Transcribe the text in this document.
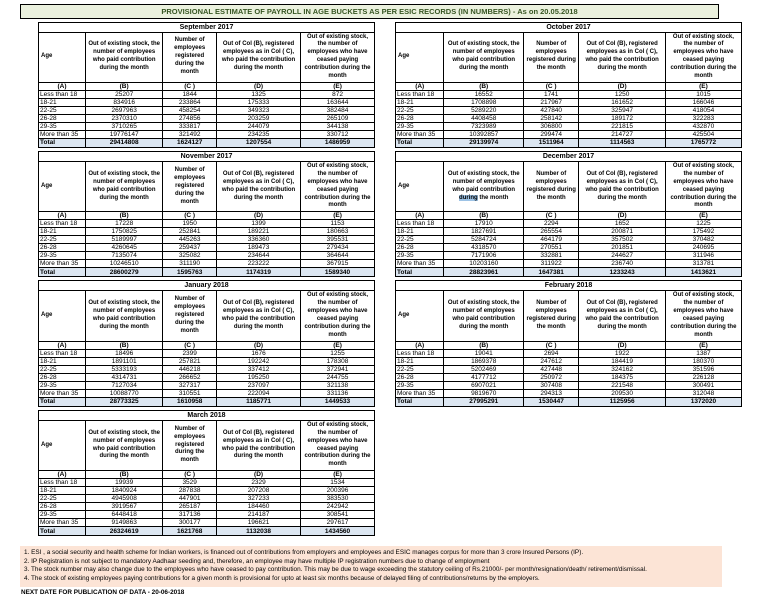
PROVISIONAL ESTIMATE OF PAYROLL IN AGE BUCKETS AS PER ESIC RECORDS (IN NUMBERS) - As on 20.05.2018
September 2017				
Age	Out of existing stock, the number of employees who paid contribution during the month	Number of employees registered during the month	Out of Col (B), registered employees as in Col ( C), who paid the contribution during the month	Out of existing stock, the number of employees who have ceased paying contribution during the month
(A)	(B)	(C )	(D)	(E)
Less than 18	25207	1844	1325	872
18-21	834916	233864	175333	163644
22-25	2697963	458254	349323	382484
26-28	2370310	274856	203259	265109
29-35	3710265	333817	244079	344138
More than 35	19776147	321492	234235	330712
Total	29414808	1624127	1207554	1486959
October 2017				
Age	Out of existing stock, the number of employees who paid contribution during the month	Number of employees registered during the month	Out of Col (B), registered employees as in Col ( C), who paid the contribution during the month	Out of existing stock, the number of employees who have ceased paying contribution during the month
(A)	(B)	(C )	(D)	(E)
Less than 18	16552	1741	1250	1015
18-21	1708898	217967	161652	166046
22-25	5289220	427840	325947	418054
26-28	4408458	258142	189172	322283
29-35	7323989	306800	221815	432870
More than 35	10392857	299474	214727	425504
Total	29139974	1511964	1114563	1765772
November 2017				
Age	Out of existing stock, the number of employees who paid contribution during the month	Number of employees registered during the month	Out of Col (B), registered employees as in Col ( C), who paid the contribution during the month	Out of existing stock, the number of employees who have ceased paying contribution during the month
(A)	(B)	(C )	(D)	(E)
Less than 18	17228	1950	1399	1153
18-21	1750825	252841	189221	180663
22-25	5189997	445263	336360	395531
26-28	4260645	259437	189473	279434
29-35	7135074	325082	234644	364644
More than 35	10246510	311190	223222	367915
Total	28600279	1595763	1174319	1589340
December 2017				
Age	Out of existing stock, the number of employees who paid contribution during the month	Number of employees registered during the month	Out of Col (B), registered employees as in Col ( C), who paid the contribution during the month	Out of existing stock, the number of employees who have ceased paying contribution during the month
(A)	(B)	(C )	(D)	(E)
Less than 18	17910	2294	1652	1225
18-21	1827691	265554	200871	175492
22-25	5284724	464179	357502	370482
26-28	4318570	270551	201851	240695
29-35	7171906	332881	244627	311946
More than 35	10203160	311922	236740	313781
Total	28823961	1647381	1233243	1413621
January 2018				
Age	Out of existing stock, the number of employees who paid contribution during the month	Number of employees registered during the month	Out of Col (B), registered employees as in Col ( C), who paid the contribution during the month	Out of existing stock, the number of employees who have ceased paying contribution during the month
(A)	(B)	(C )	(D)	(E)
Less than 18	18496	2399	1676	1255
18-21	1891101	257821	192242	178308
22-25	5333193	446218	337412	372941
26-28	4314731	266652	195250	244755
29-35	7127034	327317	237097	321138
More than 35	10088770	310551	222094	331136
Total	28773325	1610958	1185771	1449533
February 2018				
Age	Out of existing stock, the number of employees who paid contribution during the month	Number of employees registered during the month	Out of Col (B), registered employees as in Col ( C), who paid the contribution during the month	Out of existing stock, the number of employees who have ceased paying contribution during the month
(A)	(B)	(C )	(D)	(E)
Less than 18	19041	2694	1922	1387
18-21	1869378	247612	184419	180370
22-25	5202469	427448	324162	351596
26-28	4177712	250972	184375	226128
29-35	6907021	307408	221548	300491
More than 35	9819670	294313	209530	312048
Total	27995291	1530447	1125956	1372020
March 2018				
Age	Out of existing stock, the number of employees who paid contribution during the month	Number of employees registered during the month	Out of Col (B), registered employees as in Col ( C), who paid the contribution during the month	Out of existing stock, the number of employees who have ceased paying contribution during the month
(A)	(B)	(C )	(D)	(E)
Less than 18	19939	3529	2329	1534
18-21	1840924	287838	207208	200396
22-25	4945908	447901	327233	383530
26-28	3919567	265187	184460	242942
29-35	6448418	317136	214187	308541
More than 35	9149863	300177	196621	297617
Total	26324619	1621768	1132038	1434560
1. ESI , a social security and health scheme for Indian workers, is financed out of contributions from employers and employees and ESIC manages corpus for more than 3 crore Insured Persons (IP).
2. IP Registration is not subject to mandatory Aadhaar seeding and, therefore, an employee may have multiple IP registration numbers due to change of employment
3. The stock number may also change due to the employees who have ceased to pay contribution. This may be due to wage exceeding the statutory ceiling of Rs.21000/- per month/resignation/death/ retirement/dismissal.
4. The stock of existing employees paying contributions for a given month is provisional for upto at least six months because of delayed filing of contributions/returns by the employers.
NEXT DATE FOR PUBLICATION OF DATA - 20-06-2018
